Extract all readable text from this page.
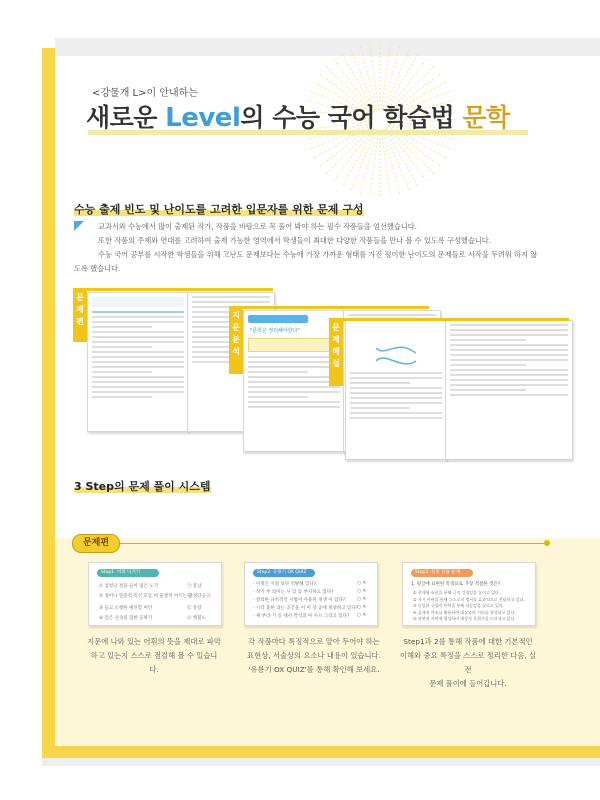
<강물개 L>이 안내하는
새로운 Level의 수능 국어 학습법 문학
수능 출제 빈도 및 난이도를 고려한 입문자를 위한 문제 구성

교과서와 수능에서 많이 출제된 작가, 작품을 바탕으로 꼭 풀어 봐야 하는 필수 작품들을 엄선했습니다.

또한 작품의 주제와 연대를 고려하여 출제 가능한 영역에서 학생들이 최대한 다양한 작품들을 만나 볼 수 있도록 구성했습니다.

수능 국어 공부를 시작한 학생들을 위해 고난도 문제보다는 수능에 가장 가까운 형태를 가진 평이한 난이도의 문제들로 시작을 두려워 하지 않도록 했습니다.

문제편
"문학은 정리해야한다"
지문분석
문제해설
3 Step의 문제 풀이 시스템
문제편
Step1. 어휘 다지기
① 엄청난 정을 들어 냄은 노기
② 정어나 험준적 특신 모를 여 물결적 어르는 말
③ 들고 소행한 예린할 여인
④ 길은 산속의 험한 골짜기
㉠ 흥남
㉡ 성단공극
㉢ 유랑
㉣ 행불노
Step2. 유룡기 OX QUIZ
· 이정은 시절 보다 역발해 있다?
· 작가 부 의미는 사 있 를 부지하고 있다?
· 결의한 규칙적인 시법이 사용된 정생 이 있다?
· 시각 품한 과는 공간을 이 이 상 공에 정성하고 있다?
· 제 부라 기 동 에서 작석의 아 수르 그리고 있다?
○ ✕
○ ✕
○ ✕
○ ✕
○ ✕
Step3. 실전 연습 문제
1. 윗글에 표현된 특징으로 가장 적절한 것은?
① 현재형 표현을 통해 극적 긴장감을 높이고 있다.
② 자기 비판을 통해 스스로의 정서를 효과적으로 전달하고 있다.
③ 동일한 구절의 반복을 통해 리듬감을 살리고 있다.
④ 음계적 어조를 활용하여 대상과의 거리를 형성하고 있다.
⑤ 자연의 자연에 형상하며 애상적 분위기를 드러내고 있다.
지문에 나와 있는 어휘의 뜻을 제대로 파악
하고 있는지 스스로 점검해 볼 수 있습니다.
각 작품마다 특징적으로 알아 두어야 하는
표현상, 서술상의 요소나 내용이 있습니다.
'유룡기 OX QUIZ'를 통해 확인해 보세요.
Step1과 2를 통해 작품에 대한 기본적인
이해와 중요 특징을 스스로 정리한 다음, 실전
문제 풀이에 들어갑니다.
